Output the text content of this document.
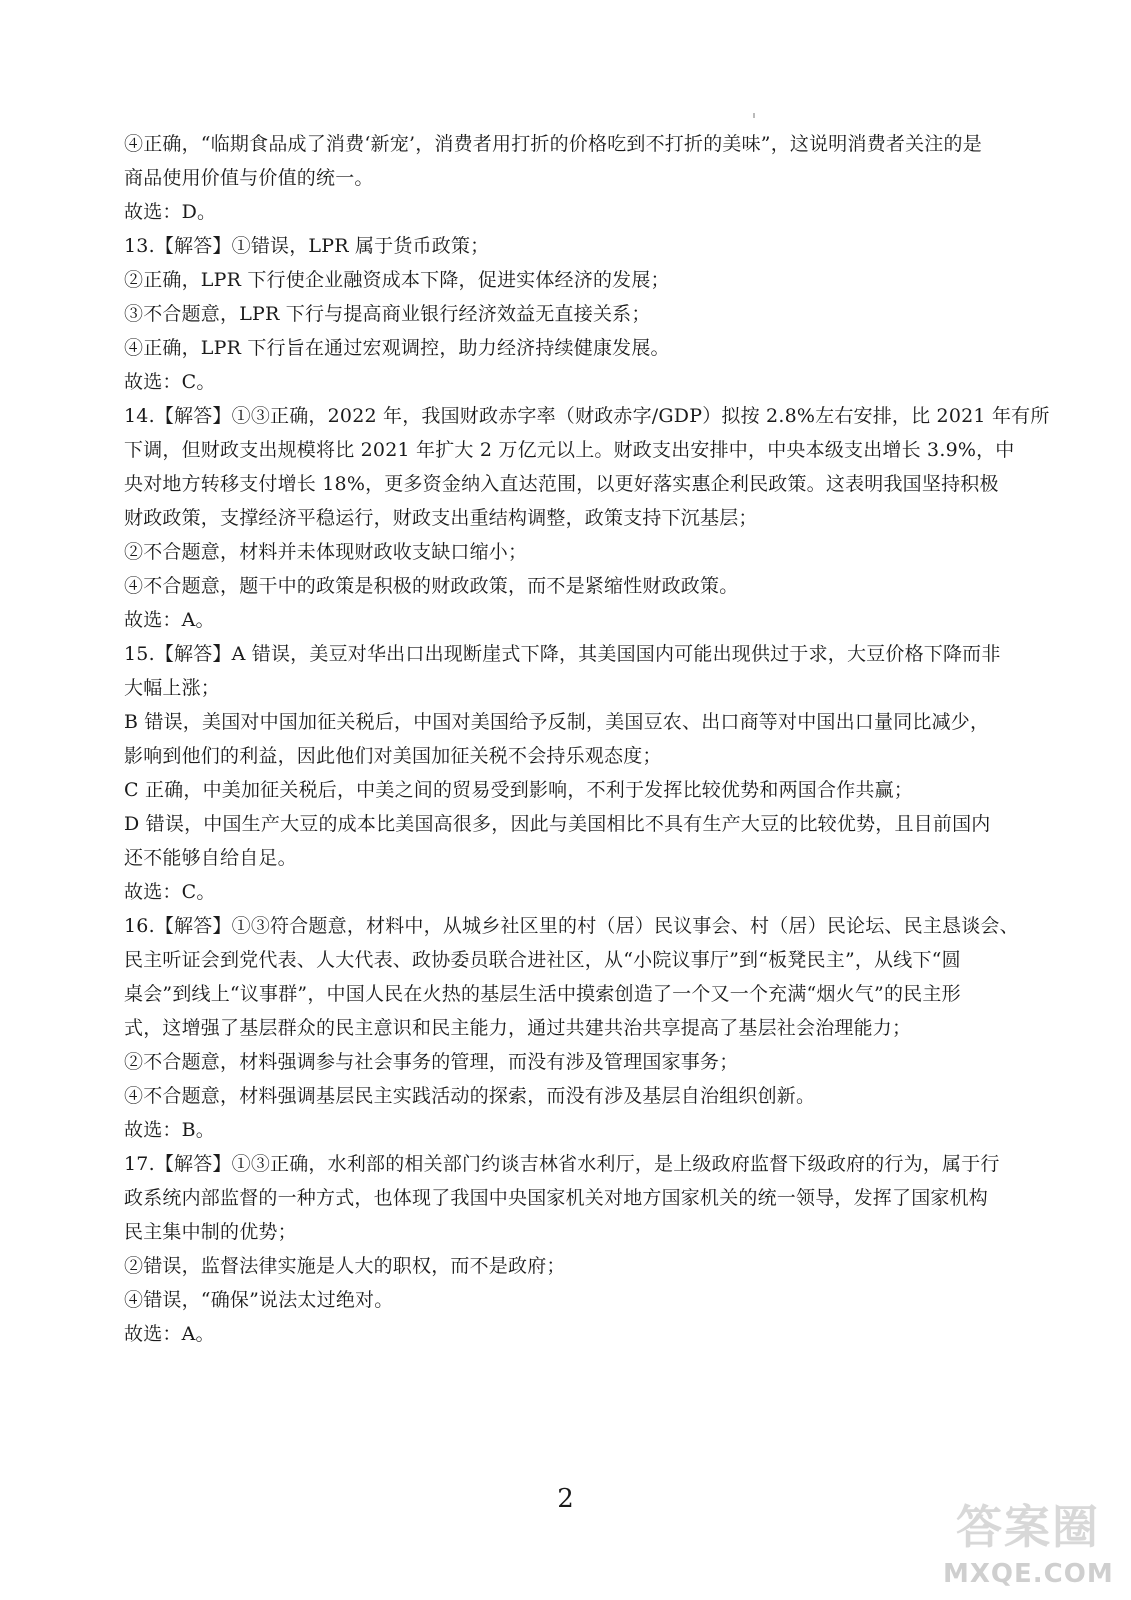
④正确，“临期食品成了消费‘新宠’，消费者用打折的价格吃到不打折的美味”，这说明消费者关注的是
商品使用价值与价值的统一。
故选：D。
13.【解答】①错误，LPR 属于货币政策；
②正确，LPR 下行使企业融资成本下降，促进实体经济的发展；
③不合题意，LPR 下行与提高商业银行经济效益无直接关系；
④正确，LPR 下行旨在通过宏观调控，助力经济持续健康发展。
故选：C。
14.【解答】①③正确，2022 年，我国财政赤字率（财政赤字/GDP）拟按 2.8%左右安排，比 2021 年有所
下调，但财政支出规模将比 2021 年扩大 2 万亿元以上。财政支出安排中，中央本级支出增长 3.9%，中
央对地方转移支付增长 18%，更多资金纳入直达范围，以更好落实惠企利民政策。这表明我国坚持积极
财政政策，支撑经济平稳运行，财政支出重结构调整，政策支持下沉基层；
②不合题意，材料并未体现财政收支缺口缩小；
④不合题意，题干中的政策是积极的财政政策，而不是紧缩性财政政策。
故选：A。
15.【解答】A 错误，美豆对华出口出现断崖式下降，其美国国内可能出现供过于求，大豆价格下降而非
大幅上涨；
B 错误，美国对中国加征关税后，中国对美国给予反制，美国豆农、出口商等对中国出口量同比减少，
影响到他们的利益，因此他们对美国加征关税不会持乐观态度；
C 正确，中美加征关税后，中美之间的贸易受到影响，不利于发挥比较优势和两国合作共赢；
D 错误，中国生产大豆的成本比美国高很多，因此与美国相比不具有生产大豆的比较优势，且目前国内
还不能够自给自足。
故选：C。
16.【解答】①③符合题意，材料中，从城乡社区里的村（居）民议事会、村（居）民论坛、民主恳谈会、
民主听证会到党代表、人大代表、政协委员联合进社区，从“小院议事厅”到“板凳民主”，从线下“圆
桌会”到线上“议事群”，中国人民在火热的基层生活中摸索创造了一个又一个充满“烟火气”的民主形
式，这增强了基层群众的民主意识和民主能力，通过共建共治共享提高了基层社会治理能力；
②不合题意，材料强调参与社会事务的管理，而没有涉及管理国家事务；
④不合题意，材料强调基层民主实践活动的探索，而没有涉及基层自治组织创新。
故选：B。
17.【解答】①③正确，水利部的相关部门约谈吉林省水利厅，是上级政府监督下级政府的行为，属于行
政系统内部监督的一种方式，也体现了我国中央国家机关对地方国家机关的统一领导，发挥了国家机构
民主集中制的优势；
②错误，监督法律实施是人大的职权，而不是政府；
④错误，“确保”说法太过绝对。
故选：A。
2
答案圈
MXQE.COM
